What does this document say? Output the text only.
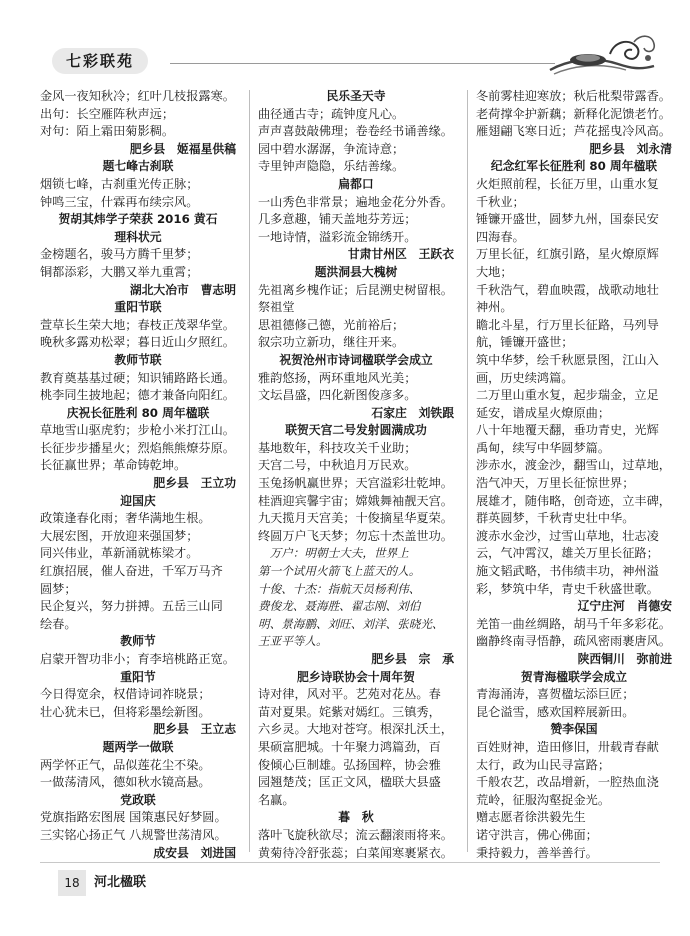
七彩联苑
金风一夜知秋冷；红叶几枝报露寒。
出句：长空雁阵秋声远；
对句：陌上霜田菊影稠。
肥乡县　姬福星供稿
题七峰古刹联
烟锁七峰，古刹重光传正脉；
钟鸣三宝，什霖再布续宗风。
贺胡其炜学子荣获 2016 黄石
理科状元
金榜题名，骏马方腾千里梦；
铜都添彩，大鹏又举九重霄；
湖北大冶市　曹志明
重阳节联
萱草长生荣大地；春枝正茂翠华堂。
晚秋多露劝松翠；暮日近山夕照红。
教师节联
教育奠基基过硬；知识铺路路长通。
桃李同生披地起；德才兼备向阳红。
庆祝长征胜利 80 周年楹联
草地雪山驱虎豹；步枪小米打江山。
长征步步播星火；烈焰熊熊燎芬原。
长征赢世界；革命铸乾坤。
肥乡县　王立功
迎国庆
政策逢春化雨；奢华满地生根。
大展宏图，开放迎来强国梦；
同兴伟业，革新涌就栋梁才。
红旗招展，催人奋进，千军万马齐
圆梦；
民企复兴，努力拼搏。五岳三山同
绘春。
教师节
启蒙开智功非小；育李培桃路正宽。
重阳节
今日得宽余，权借诗词祚晓景；
壮心犹未已，但将彩墨绘新图。
肥乡县　王立志
题两学一做联
两学怀正气，品似莲花尘不染。
一做荡清风，德如秋水镜高悬。
党政联
党旗指路宏图展 国策惠民好梦圆。
三实铭心扬正气 八规警世荡清风。
成安县　刘进国
民乐圣天寺
曲径通古寺；疏钟度凡心。
声声喜鼓敲佛理；卷卷经书诵善缘。
园中碧水潺潺，争流诗意；
寺里钟声隐隐，乐结善缘。
扁都口
一山秀色非常景；遍地金花分外香。
几多意趣，铺天盖地芬芳远；
一地诗情，溢彩流金锦绣开。
甘肃甘州区　王跃衣
题洪洞县大槐树
先祖离乡槐作证；后昆溯史树留根。
祭祖堂
思祖德修己德，光前裕后；
叙宗功立新功，继往开来。
祝贺沧州市诗词楹联学会成立
雅韵悠扬，两环重地风光美；
文坛昌盛，四化新图俊彦多。
石家庄　刘铁跟
联贺天宫二号发射圆满成功
基地数年，科技攻关千业助；
天宫二号，中秋追月万民欢。
玉兔扬帆赢世界；天宫溢彩壮乾坤。
桂酒迎宾馨宇宙；嫦娥舞袖靓天宫。
九天揽月天宫美；十俊摘星华夏荣。
终圆万户飞天梦；勿忘十杰盖世功。
　万户：明朝士大夫，世界上
第一个试用火箭飞上蓝天的人。
十俊、十杰：指航天员杨利伟、
费俊龙、聂海胜、翟志刚、刘伯
明、景海鹏、刘旺、刘洋、张晓光、
王亚平等人。
肥乡县　宗　承
肥乡诗联协会十周年贺
诗对律，风对平。艺苑对花丛。春
苗对夏果。姹紫对嫣红。三镇秀，
六乡灵。大地对苍穹。根深扎沃土，
果硕富肥城。十年聚力鸿篇劲，百
俊倾心巨制雄。弘扬国粹，协会雅
园翘楚茂；匡正文风，楹联大县盛
名赢。
暮　秋
落叶飞旋秋欲尽；流云翻滚雨将来。
黄菊待冷舒张蕊；白菜闻寒裹紧衣。
冬前雾桂迎寒放；秋后枇梨带露香。
老荷撑伞护新藕；新释化泥馈老竹。
雁翅翩飞寒日近；芦花摇曳冷风高。
肥乡县　刘永清
纪念红军长征胜利 80 周年楹联
火炬照前程，长征万里，山重水复
千秋业；
锤镰开盛世，圆梦九州，国泰民安
四海春。
万里长征，红旗引路，星火燎原辉
大地；
千秋浩气，碧血映霞，战歌动地壮
神州。
瞻北斗星，行万里长征路，马列导
航，锤镰开盛世；
筑中华梦，绘千秋愿景图，江山入
画，历史续鸿篇。
二万里山重水复，起步瑞金，立足
延安，谱成星火燎原曲；
八十年地覆天翻，垂功青史，光辉
禹甸，续写中华圆梦篇。
涉赤水，渡金沙，翻雪山，过草地，
浩气冲天，万里长征惊世界；
展雄才，随伟略，创奇迹，立丰碑，
群英圆梦，千秋青史壮中华。
渡赤水金沙，过雪山草地，壮志凌
云，气冲霄汉，雄关万里长征路；
施文韬武略，书伟绩丰功，神州溢
彩，梦筑中华，青史千秋盛世歌。
辽宁庄河　肖德安
羌笛一曲丝绸路，胡马千年多彩花。
幽静终南寻悟静，疏风密雨裹唐风。
陕西铜川　弥前进
贺青海楹联学会成立
青海涌涛，喜贺楹坛添巨匠；
昆仑溢雪，感欢国粹展新田。
赞李保国
百姓财神，造田修旧，卅载青春献
太行，政为山民寻富路；
千般农艺，改品增新，一腔热血浇
荒岭，征服沟壑捉金光。
赠志愿者徐洪毅先生
诺守洪言，佛心佛面；
秉持毅力，善举善行。
18	河北楹联
